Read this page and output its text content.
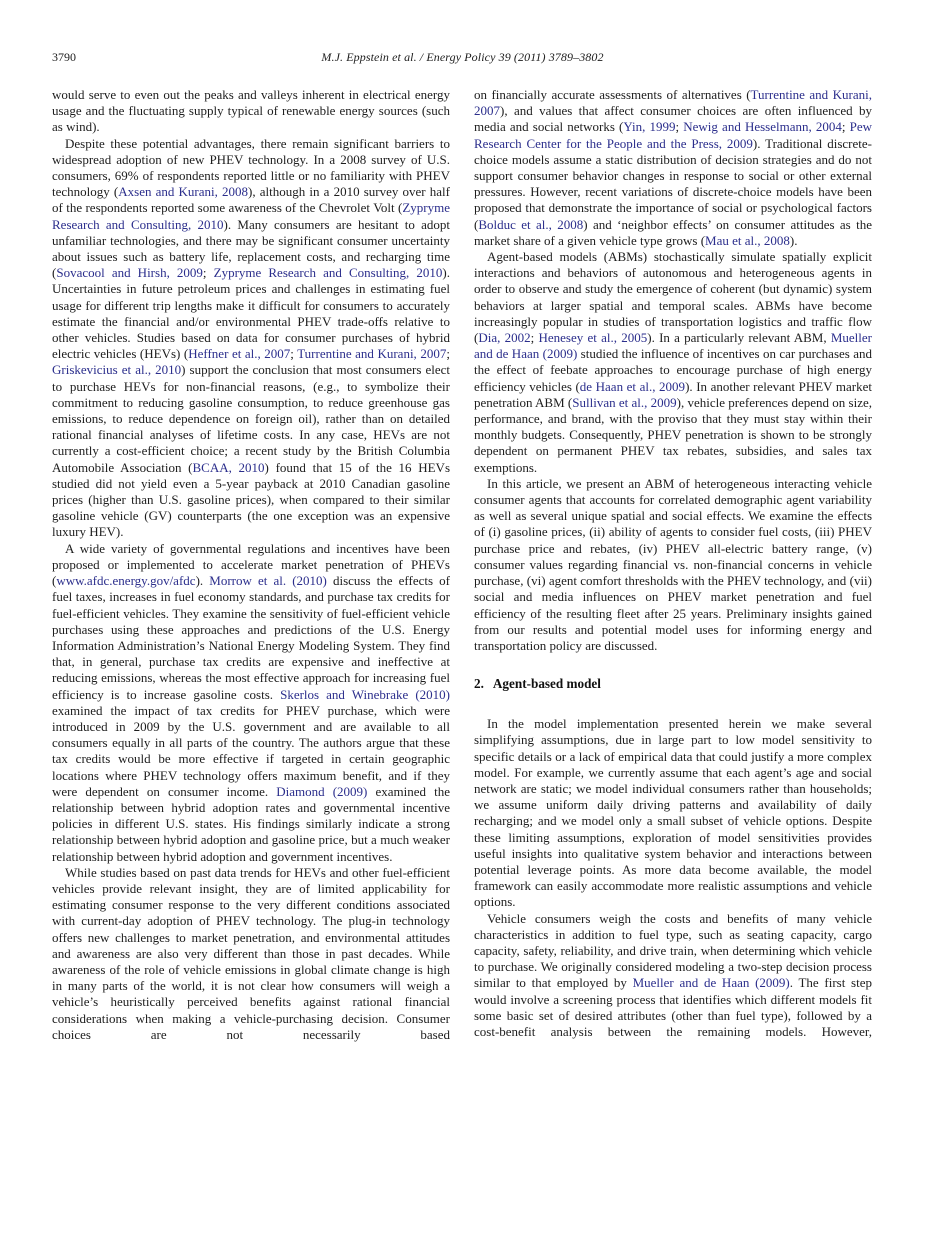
3790	M.J. Eppstein et al. / Energy Policy 39 (2011) 3789–3802

would serve to even out the peaks and valleys inherent in electrical energy usage and the fluctuating supply typical of renewable energy sources (such as wind).

Despite these potential advantages, there remain significant barriers to widespread adoption of new PHEV technology. In a 2008 survey of U.S. consumers, 69% of respondents reported little or no familiarity with PHEV technology (Axsen and Kurani, 2008), although in a 2010 survey over half of the respondents reported some awareness of the Chevrolet Volt (Zypryme Research and Consulting, 2010). Many consumers are hesitant to adopt unfamiliar technologies, and there may be significant consumer uncertainty about issues such as battery life, replacement costs, and recharging time (Sovacool and Hirsh, 2009; Zypryme Research and Consulting, 2010). Uncertainties in future petroleum prices and challenges in estimating fuel usage for different trip lengths make it difficult for consumers to accurately estimate the financial and/or environmental PHEV trade-offs relative to other vehicles. Studies based on data for consumer purchases of hybrid electric vehicles (HEVs) (Heffner et al., 2007; Turrentine and Kurani, 2007; Griskevicius et al., 2010) support the conclusion that most consumers elect to purchase HEVs for non-financial reasons, (e.g., to symbolize their commitment to reducing gasoline consumption, to reduce greenhouse gas emissions, to reduce dependence on foreign oil), rather than on detailed rational financial analyses of lifetime costs. In any case, HEVs are not currently a cost-efficient choice; a recent study by the British Columbia Automobile Association (BCAA, 2010) found that 15 of the 16 HEVs studied did not yield even a 5-year payback at 2010 Canadian gasoline prices (higher than U.S. gasoline prices), when compared to their similar gasoline vehicle (GV) counterparts (the one exception was an expensive luxury HEV).

A wide variety of governmental regulations and incentives have been proposed or implemented to accelerate market penetration of PHEVs (www.afdc.energy.gov/afdc). Morrow et al. (2010) discuss the effects of fuel taxes, increases in fuel economy standards, and purchase tax credits for fuel-efficient vehicles. They examine the sensitivity of fuel-efficient vehicle purchases using these approaches and predictions of the U.S. Energy Information Administration’s National Energy Modeling System. They find that, in general, purchase tax credits are expensive and ineffective at reducing emissions, whereas the most effective approach for increasing fuel efficiency is to increase gasoline costs. Skerlos and Winebrake (2010) examined the impact of tax credits for PHEV purchase, which were introduced in 2009 by the U.S. government and are available to all consumers equally in all parts of the country. The authors argue that these tax credits would be more effective if targeted in certain geographic locations where PHEV technology offers maximum benefit, and if they were dependent on consumer income. Diamond (2009) examined the relationship between hybrid adoption rates and governmental incentive policies in different U.S. states. His findings similarly indicate a strong relationship between hybrid adoption and gasoline price, but a much weaker relationship between hybrid adoption and government incentives.

While studies based on past data trends for HEVs and other fuel-efficient vehicles provide relevant insight, they are of limited applicability for estimating consumer response to the very different conditions associated with current-day adoption of PHEV technology. The plug-in technology offers new challenges to market penetration, and environmental attitudes and awareness are also very different than those in past decades. While awareness of the role of vehicle emissions in global climate change is high in many parts of the world, it is not clear how consumers will weigh a vehicle’s heuristically perceived benefits against rational financial considerations when making a vehicle-purchasing decision. Consumer choices are not necessarily based

on financially accurate assessments of alternatives (Turrentine and Kurani, 2007), and values that affect consumer choices are often influenced by media and social networks (Yin, 1999; Newig and Hesselmann, 2004; Pew Research Center for the People and the Press, 2009). Traditional discrete-choice models assume a static distribution of decision strategies and do not support consumer behavior changes in response to social or other external pressures. However, recent variations of discrete-choice models have been proposed that demonstrate the importance of social or psychological factors (Bolduc et al., 2008) and ‘neighbor effects’ on consumer attitudes as the market share of a given vehicle type grows (Mau et al., 2008).

Agent-based models (ABMs) stochastically simulate spatially explicit interactions and behaviors of autonomous and heterogeneous agents in order to observe and study the emergence of coherent (but dynamic) system behaviors at larger spatial and temporal scales. ABMs have become increasingly popular in studies of transportation logistics and traffic flow (Dia, 2002; Henesey et al., 2005). In a particularly relevant ABM, Mueller and de Haan (2009) studied the influence of incentives on car purchases and the effect of feebate approaches to encourage purchase of high energy efficiency vehicles (de Haan et al., 2009). In another relevant PHEV market penetration ABM (Sullivan et al., 2009), vehicle preferences depend on size, performance, and brand, with the proviso that they must stay within their monthly budgets. Consequently, PHEV penetration is shown to be strongly dependent on permanent PHEV tax rebates, subsidies, and sales tax exemptions.

In this article, we present an ABM of heterogeneous interacting vehicle consumer agents that accounts for correlated demographic agent variability as well as several unique spatial and social effects. We examine the effects of (i) gasoline prices, (ii) ability of agents to consider fuel costs, (iii) PHEV purchase price and rebates, (iv) PHEV all-electric battery range, (v) consumer values regarding financial vs. non-financial concerns in vehicle purchase, (vi) agent comfort thresholds with the PHEV technology, and (vii) social and media influences on PHEV market penetration and fuel efficiency of the resulting fleet after 25 years. Preliminary insights gained from our results and potential model uses for informing energy and transportation policy are discussed.

2. Agent-based model

In the model implementation presented herein we make several simplifying assumptions, due in large part to low model sensitivity to specific details or a lack of empirical data that could justify a more complex model. For example, we currently assume that each agent’s age and social network are static; we model individual consumers rather than households; we assume uniform daily driving patterns and availability of daily recharging; and we model only a small subset of vehicle options. Despite these limiting assumptions, exploration of model sensitivities provides useful insights into qualitative system behavior and interactions between potential leverage points. As more data become available, the model framework can easily accommodate more realistic assumptions and vehicle options.

Vehicle consumers weigh the costs and benefits of many vehicle characteristics in addition to fuel type, such as seating capacity, cargo capacity, safety, reliability, and drive train, when determining which vehicle to purchase. We originally considered modeling a two-step decision process similar to that employed by Mueller and de Haan (2009). The first step would involve a screening process that identifies which different models fit some basic set of desired attributes (other than fuel type), followed by a cost-benefit analysis between the remaining models. However,
